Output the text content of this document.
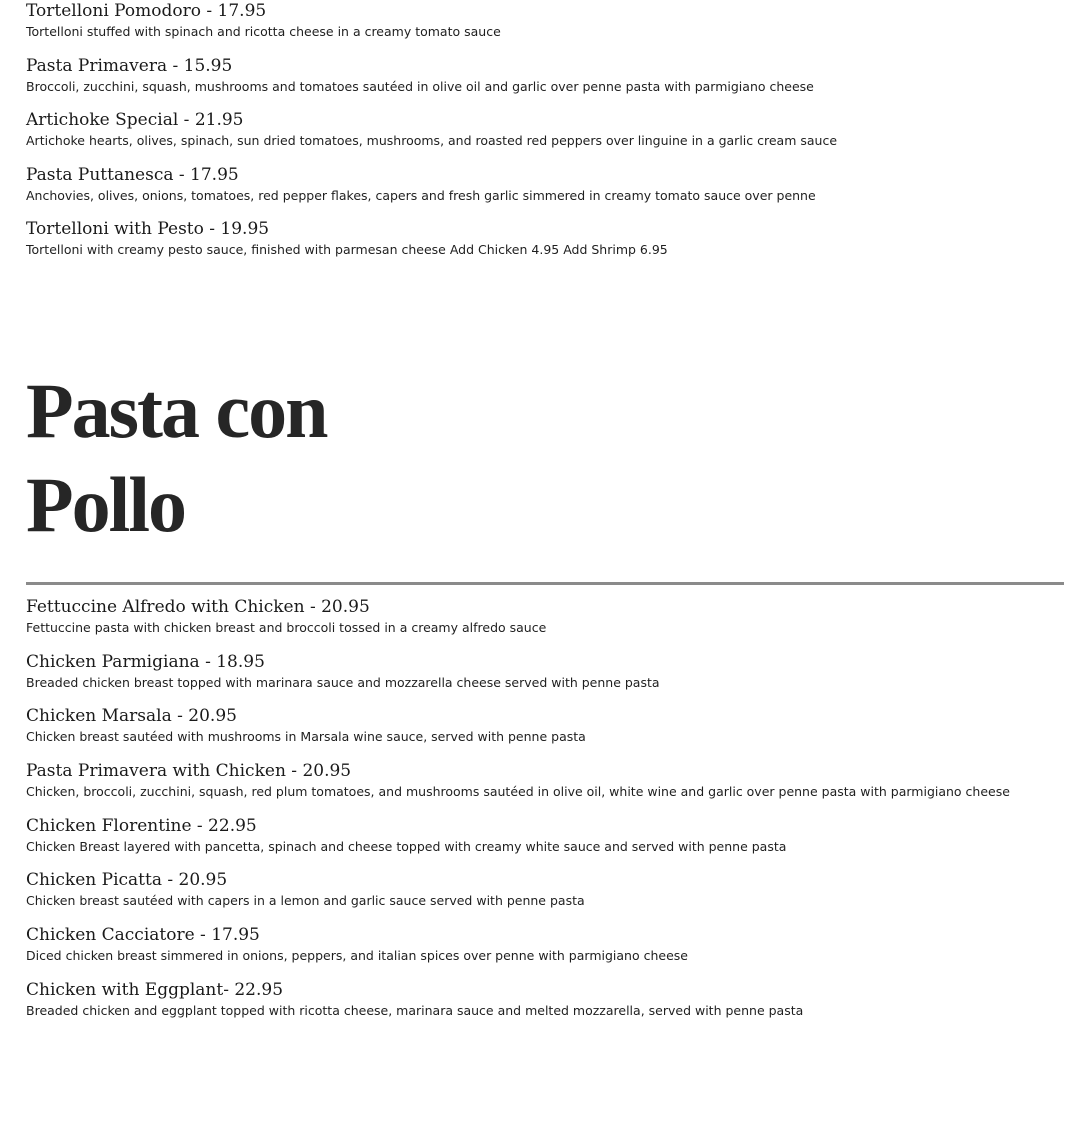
Tortelloni Pomodoro - 17.95
Tortelloni stuffed with spinach and ricotta cheese in a creamy tomato sauce
Pasta Primavera - 15.95
Broccoli, zucchini, squash, mushrooms and tomatoes sautéed in olive oil and garlic over penne pasta with parmigiano cheese
Artichoke Special - 21.95
Artichoke hearts, olives, spinach, sun dried tomatoes, mushrooms, and roasted red peppers over linguine in a garlic cream sauce
Pasta Puttanesca - 17.95
Anchovies, olives, onions, tomatoes, red pepper flakes, capers and fresh garlic simmered in creamy tomato sauce over penne
Tortelloni with Pesto - 19.95
Tortelloni with creamy pesto sauce, finished with parmesan cheese Add Chicken 4.95 Add Shrimp 6.95
Pasta con
Pollo
Fettuccine Alfredo with Chicken - 20.95
Fettuccine pasta with chicken breast and broccoli tossed in a creamy alfredo sauce
Chicken Parmigiana - 18.95
Breaded chicken breast topped with marinara sauce and mozzarella cheese served with penne pasta
Chicken Marsala - 20.95
Chicken breast sautéed with mushrooms in Marsala wine sauce, served with penne pasta
Pasta Primavera with Chicken - 20.95
Chicken, broccoli, zucchini, squash, red plum tomatoes, and mushrooms sautéed in olive oil, white wine and garlic over penne pasta with parmigiano cheese
Chicken Florentine - 22.95
Chicken Breast layered with pancetta, spinach and cheese topped with creamy white sauce and served with penne pasta
Chicken Picatta - 20.95
Chicken breast sautéed with capers in a lemon and garlic sauce served with penne pasta
Chicken Cacciatore - 17.95
Diced chicken breast simmered in onions, peppers, and italian spices over penne with parmigiano cheese
Chicken with Eggplant- 22.95
Breaded chicken and eggplant topped with ricotta cheese, marinara sauce and melted mozzarella, served with penne pasta
